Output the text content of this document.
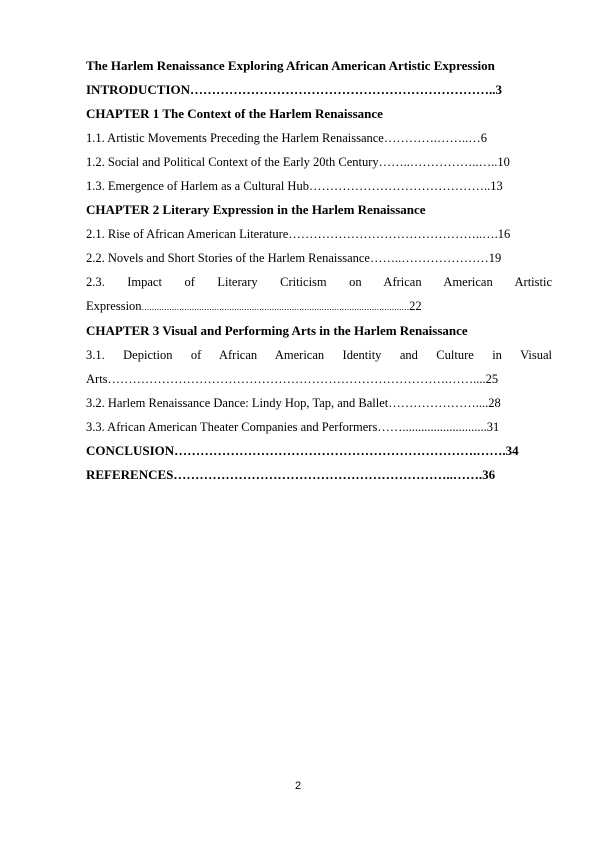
The Harlem Renaissance Exploring African American Artistic Expression
INTRODUCTION……………………………………………………………..3
CHAPTER 1 The Context of the Harlem Renaissance
1.1. Artistic Movements Preceding the Harlem Renaissance………….……..…6
1.2. Social and Political Context of the Early 20th Century……..……………..…..10
1.3. Emergence of Harlem as a Cultural Hub……………………………………..13
CHAPTER 2 Literary Expression in the Harlem Renaissance
2.1. Rise of African American Literature………………………………………..….16
2.2. Novels and Short Stories of the Harlem Renaissance……..…………………19
2.3. Impact of Literary Criticism on African American Artistic
Expression...........................................................................................................22
CHAPTER 3 Visual and Performing Arts in the Harlem Renaissance
3.1. Depiction of African American Identity and Culture in Visual
Arts……………………………………………………………………….……....25
3.2. Harlem Renaissance Dance: Lindy Hop, Tap, and Ballet…………………....28
3.3. African American Theater Companies and Performers……...........................31
CONCLUSION…………………………………………………………….…….34
REFERENCES………………………………………………………..…….36
2
